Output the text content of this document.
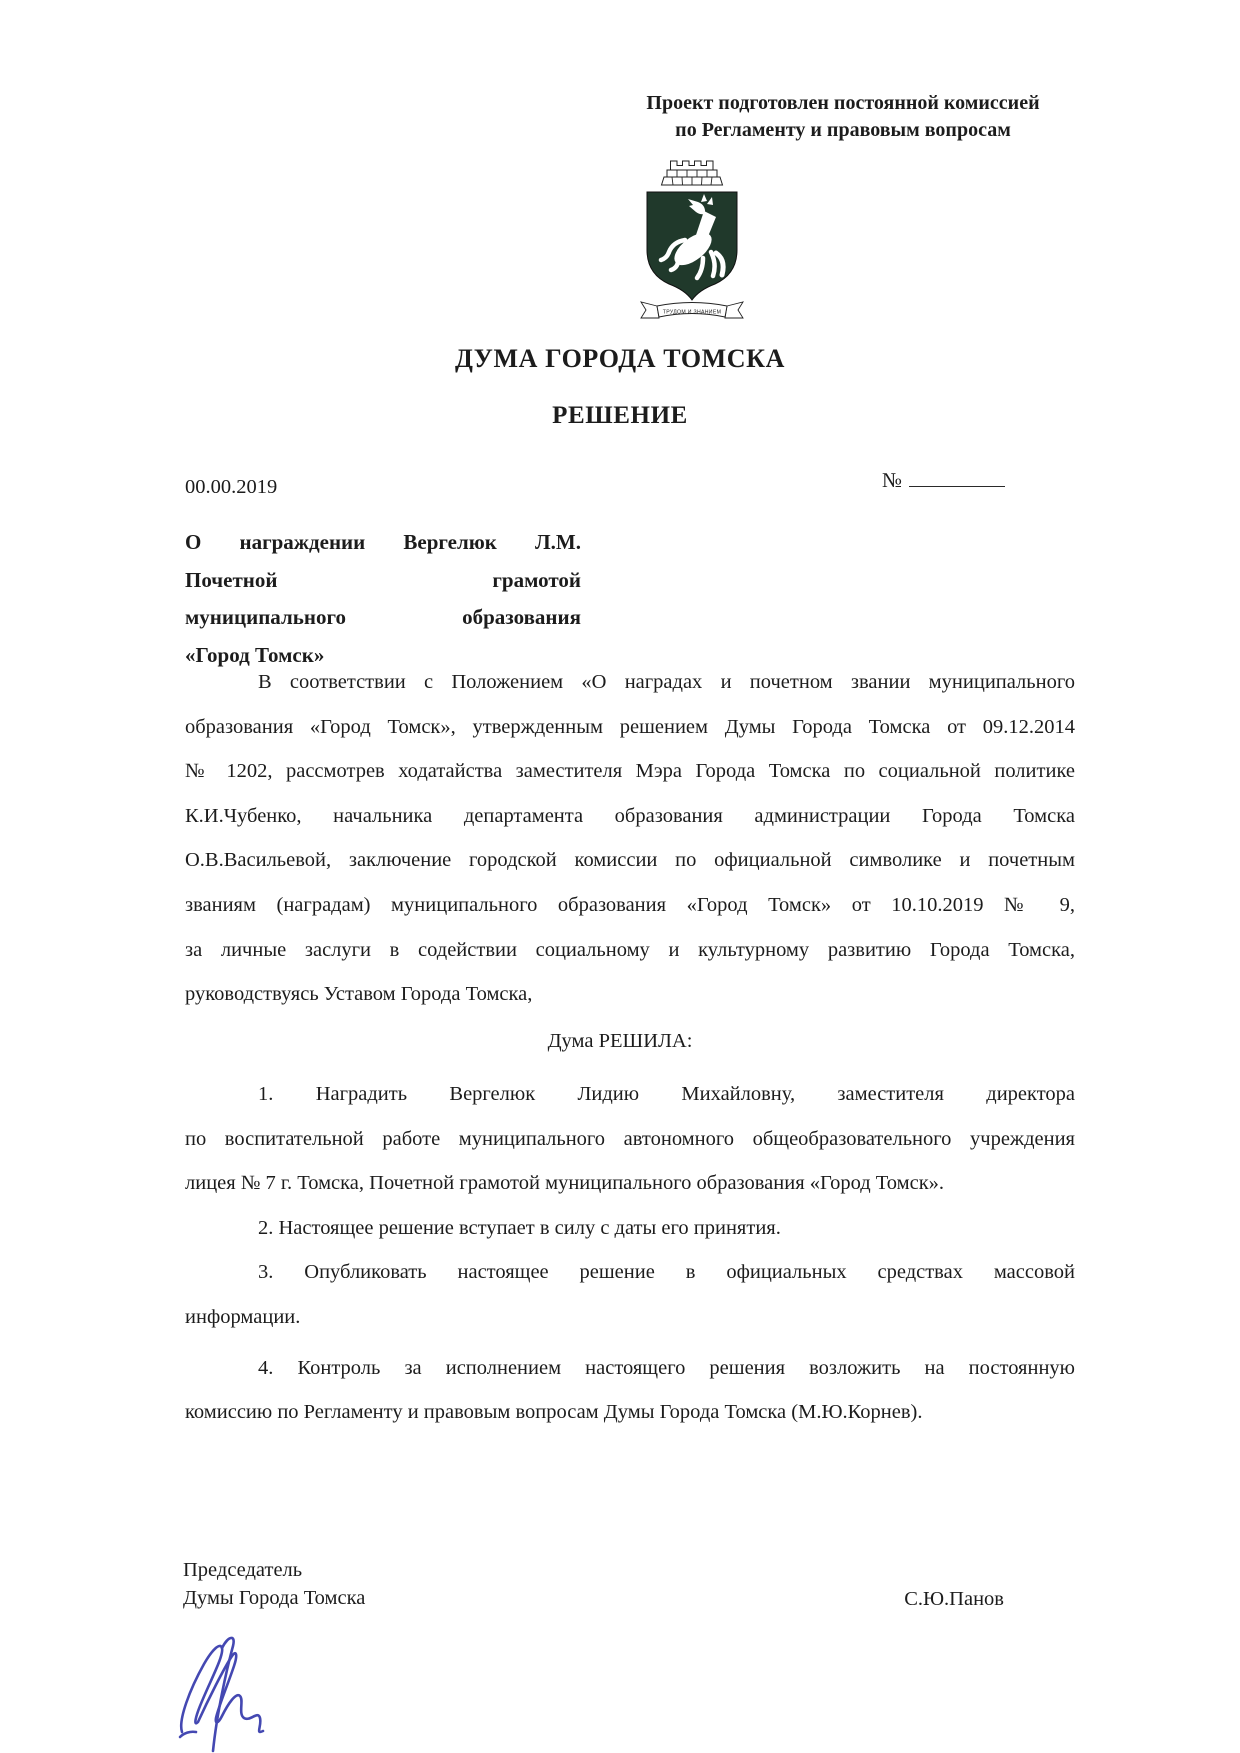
Проект подготовлен постоянной комиссией
по Регламенту и правовым вопросам
ТРУДОМ И ЗНАНИЕМ
ДУМА ГОРОДА ТОМСКА
РЕШЕНИЕ
00.00.2019	№
О награждении Вергелюк Л.М.
Почетной грамотой
муниципального образования
«Город Томск»
В соответствии с Положением «О наградах и почетном звании муниципального
образования «Город Томск», утвержденным решением Думы Города Томска от 09.12.2014
№ 1202, рассмотрев ходатайства заместителя Мэра Города Томска по социальной политике
К.И.Чубенко, начальника департамента образования администрации Города Томска
О.В.Васильевой, заключение городской комиссии по официальной символике и почетным
званиям (наградам) муниципального образования «Город Томск» от 10.10.2019 № 9,
за личные заслуги в содействии социальному и культурному развитию Города Томска,
руководствуясь Уставом Города Томска,
Дума РЕШИЛА:
1. Наградить Вергелюк Лидию Михайловну, заместителя директора
по воспитательной работе муниципального автономного общеобразовательного учреждения
лицея № 7 г. Томска, Почетной грамотой муниципального образования «Город Томск».
2. Настоящее решение вступает в силу с даты его принятия.
3. Опубликовать настоящее решение в официальных средствах массовой
информации.
4. Контроль за исполнением настоящего решения возложить на постоянную
комиссию по Регламенту и правовым вопросам Думы Города Томска (М.Ю.Корнев).
Председатель
Думы Города Томска	С.Ю.Панов
